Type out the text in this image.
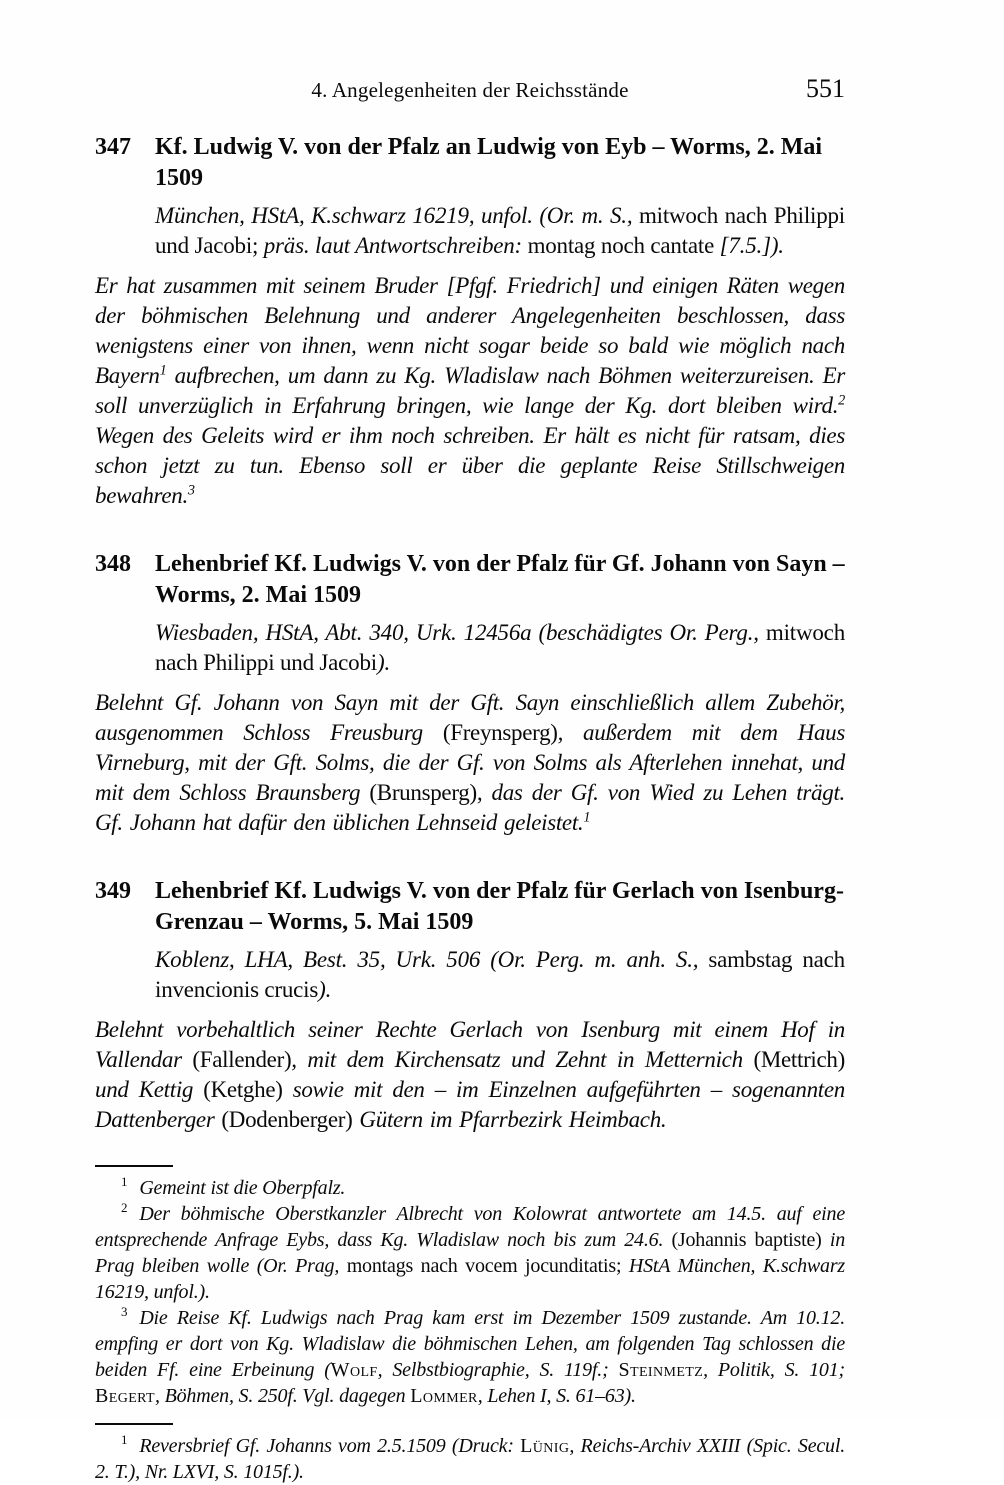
4. Angelegenheiten der Reichsstände	551
347	Kf. Ludwig V. von der Pfalz an Ludwig von Eyb – Worms, 2. Mai 1509

München, HStA, K.schwarz 16219, unfol. (Or. m. S., mitwoch nach Philippi und Jacobi; präs. laut Antwortschreiben: montag noch cantate [7.5.]).

Er hat zusammen mit seinem Bruder [Pfgf. Friedrich] und einigen Räten wegen der böhmischen Belehnung und anderer Angelegenheiten beschlossen, dass wenigstens einer von ihnen, wenn nicht sogar beide so bald wie möglich nach Bayern$^1$ aufbrechen, um dann zu Kg. Wladislaw nach Böhmen weiterzureisen. Er soll unverzüglich in Erfahrung bringen, wie lange der Kg. dort bleiben wird.$^2$ Wegen des Geleits wird er ihm noch schreiben. Er hält es nicht für ratsam, dies schon jetzt zu tun. Ebenso soll er über die geplante Reise Stillschweigen bewahren.$^3$

348	Lehenbrief Kf. Ludwigs V. von der Pfalz für Gf. Johann von Sayn – Worms, 2. Mai 1509

Wiesbaden, HStA, Abt. 340, Urk. 12456a (beschädigtes Or. Perg., mitwoch nach Philippi und Jacobi).

Belehnt Gf. Johann von Sayn mit der Gft. Sayn einschließlich allem Zubehör, ausgenommen Schloss Freusburg (Freynsperg), außerdem mit dem Haus Virneburg, mit der Gft. Solms, die der Gf. von Solms als Afterlehen innehat, und mit dem Schloss Braunsberg (Brunsperg), das der Gf. von Wied zu Lehen trägt. Gf. Johann hat dafür den üblichen Lehnseid geleistet.$^1$

349	Lehenbrief Kf. Ludwigs V. von der Pfalz für Gerlach von Isenburg-Grenzau – Worms, 5. Mai 1509

Koblenz, LHA, Best. 35, Urk. 506 (Or. Perg. m. anh. S., sambstag nach invencionis crucis).

Belehnt vorbehaltlich seiner Rechte Gerlach von Isenburg mit einem Hof in Vallendar (Fallender), mit dem Kirchensatz und Zehnt in Metternich (Mettrich) und Kettig (Ketghe) sowie mit den – im Einzelnen aufgeführten – sogenannten Dattenberger (Dodenberger) Gütern im Pfarrbezirk Heimbach.

$^1$ Gemeint ist die Oberpfalz.

$^2$ Der böhmische Oberstkanzler Albrecht von Kolowrat antwortete am 14.5. auf eine entsprechende Anfrage Eybs, dass Kg. Wladislaw noch bis zum 24.6. (Johannis baptiste) in Prag bleiben wolle (Or. Prag, montags nach vocem jocunditatis; HStA München, K.schwarz 16219, unfol.).

$^3$ Die Reise Kf. Ludwigs nach Prag kam erst im Dezember 1509 zustande. Am 10.12. empfing er dort von Kg. Wladislaw die böhmischen Lehen, am folgenden Tag schlossen die beiden Ff. eine Erbeinung (Wolf, Selbstbiographie, S. 119f.; Steinmetz, Politik, S. 101; Begert, Böhmen, S. 250f. Vgl. dagegen Lommer, Lehen I, S. 61–63).

$^1$ Reversbrief Gf. Johanns vom 2.5.1509 (Druck: Lünig, Reichs-Archiv XXIII (Spic. Secul. 2. T.), Nr. LXVI, S. 1015f.).
